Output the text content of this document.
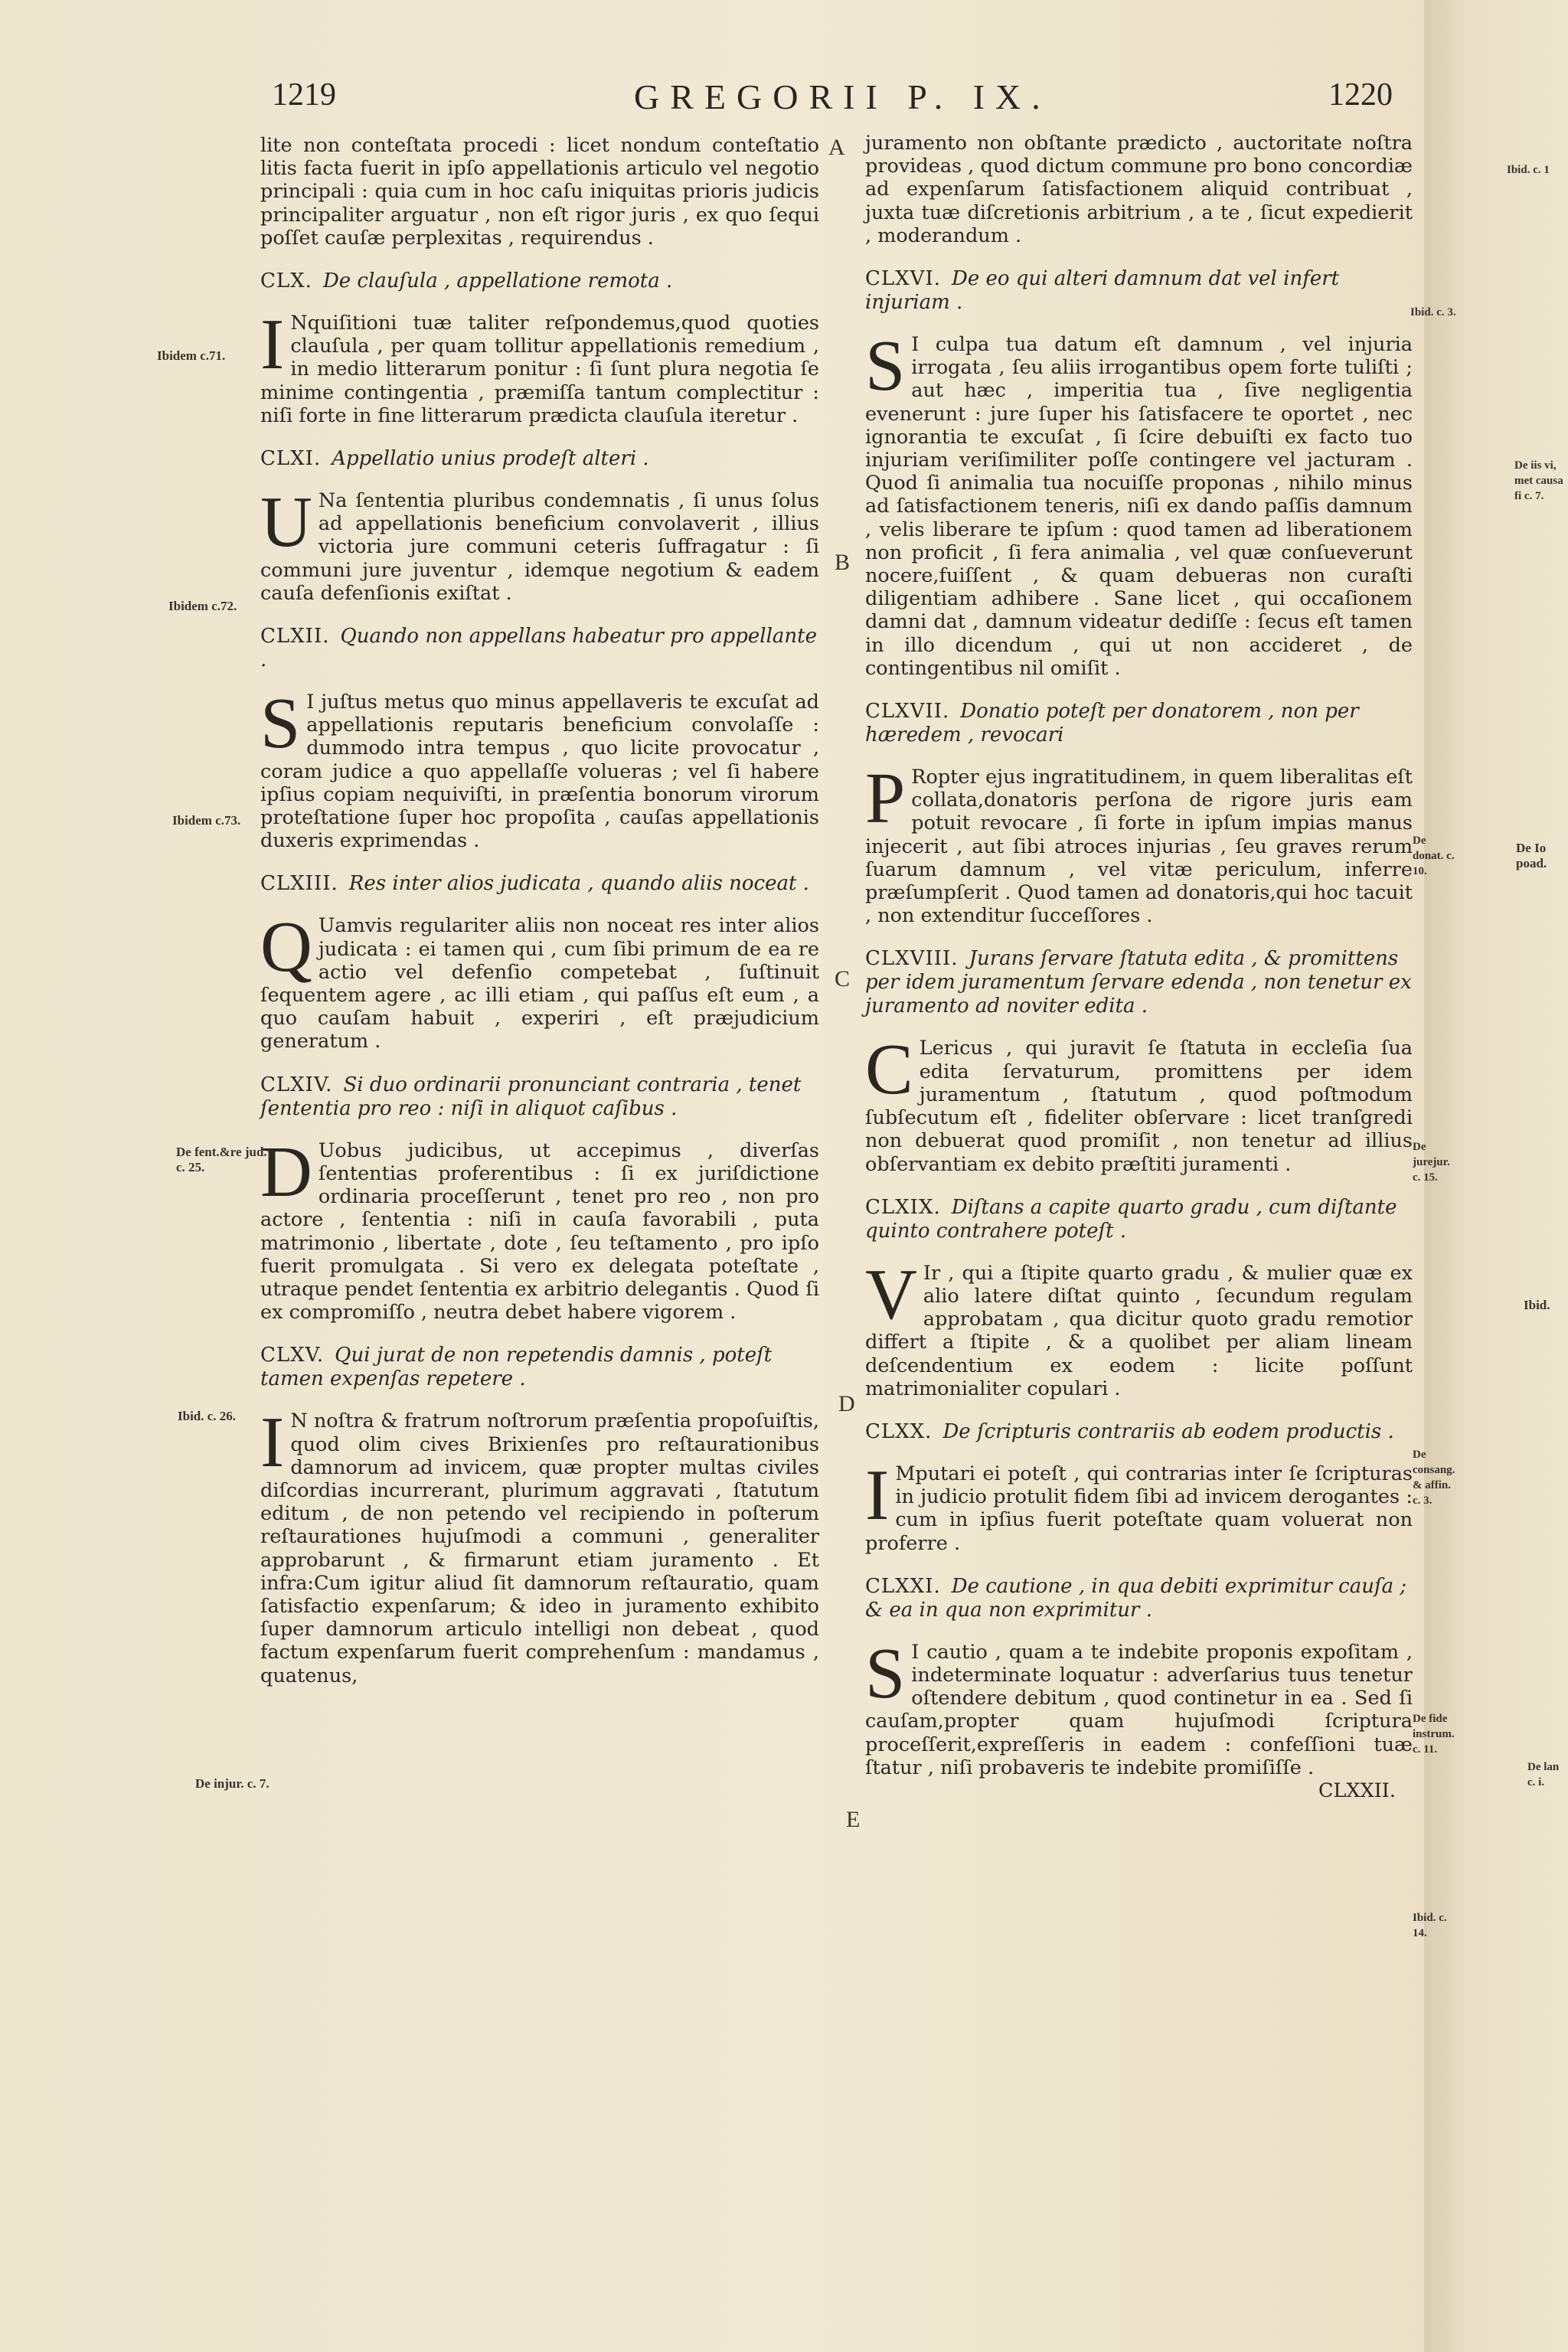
1219	GREGORII P. IX.	1220
lite non conteſtata procedi : licet nondum conteſtatio litis facta fuerit in ipſo appellationis articulo vel negotio principali : quia cum in hoc caſu iniquitas prioris judicis principaliter arguatur , non eſt rigor juris , ex quo ſequi poſſet cauſæ perplexitas , requirendus .
CLX. De clauſula , appellatione remota .
INquiſitioni tuæ taliter reſpondemus,quod quoties clauſula , per quam tollitur appellationis remedium , in medio litterarum ponitur : ſi ſunt plura negotia ſe minime contingentia , præmiſſa tantum complectitur : niſi forte in fine litterarum prædicta clauſula iteretur .
CLXI. Appellatio unius prodeſt alteri .
UNa ſententia pluribus condemnatis , ſi unus ſolus ad appellationis beneficium convolaverit , illius victoria jure communi ceteris ſuffragatur : ſi communi jure juventur , idemque negotium & eadem cauſa defenſionis exiſtat .
CLXII. Quando non appellans habeatur pro appellante .
SI juſtus metus quo minus appellaveris te excuſat ad appellationis reputaris beneficium convolaſſe : dummodo intra tempus , quo licite provocatur , coram judice a quo appellaſſe volueras ; vel ſi habere ipſius copiam nequiviſti, in præſentia bonorum virorum proteſtatione ſuper hoc propoſita , cauſas appellationis duxeris exprimendas .
CLXIII. Res inter alios judicata , quando aliis noceat .
QUamvis regulariter aliis non noceat res inter alios judicata : ei tamen qui , cum ſibi primum de ea re actio vel defenſio competebat , ſuſtinuit ſequentem agere , ac illi etiam , qui paſſus eſt eum , a quo cauſam habuit , experiri , eſt præjudicium generatum .
CLXIV. Si duo ordinarii pronunciant contraria , tenet ſententia pro reo : niſi in aliquot caſibus .
DUobus judicibus, ut accepimus , diverſas ſententias proferentibus : ſi ex juriſdictione ordinaria proceſſerunt , tenet pro reo , non pro actore , ſententia : niſi in cauſa favorabili , puta matrimonio , libertate , dote , ſeu teſtamento , pro ipſo fuerit promulgata . Si vero ex delegata poteſtate , utraque pendet ſententia ex arbitrio delegantis . Quod ſi ex compromiſſo , neutra debet habere vigorem .
CLXV. Qui jurat de non repetendis damnis , poteſt tamen expenſas repetere .
IN noſtra & fratrum noſtrorum præſentia propoſuiſtis, quod olim cives Brixienſes pro reſtaurationibus damnorum ad invicem, quæ propter multas civiles diſcordias incurrerant, plurimum aggravati , ſtatutum editum , de non petendo vel recipiendo in poſterum reſtaurationes hujuſmodi a communi , generaliter approbarunt , & firmarunt etiam juramento . Et infra:Cum igitur aliud ſit damnorum reſtauratio, quam ſatisfactio expenſarum; & ideo in juramento exhibito ſuper damnorum articulo intelligi non debeat , quod factum expenſarum fuerit comprehenſum : mandamus , quatenus,
juramento non obſtante prædicto , auctoritate noſtra provideas , quod dictum commune pro bono concordiæ ad expenſarum ſatisfactionem aliquid contribuat , juxta tuæ diſcretionis arbitrium , a te , ſicut expedierit , moderandum .
CLXVI. De eo qui alteri damnum dat vel infert injuriam .
SI culpa tua datum eſt damnum , vel injuria irrogata , ſeu aliis irrogantibus opem forte tuliſti ; aut hæc , imperitia tua , ſive negligentia evenerunt : jure ſuper his ſatisfacere te oportet , nec ignorantia te excuſat , ſi ſcire debuiſti ex facto tuo injuriam veriſimiliter poſſe contingere vel jacturam . Quod ſi animalia tua nocuiſſe proponas , nihilo minus ad ſatisfactionem teneris, niſi ex dando paſſis damnum , velis liberare te ipſum : quod tamen ad liberationem non proficit , ſi fera animalia , vel quæ conſueverunt nocere,fuiſſent , & quam debueras non curaſti diligentiam adhibere . Sane licet , qui occaſionem damni dat , damnum videatur dediſſe : ſecus eſt tamen in illo dicendum , qui ut non accideret , de contingentibus nil omiſit .
CLXVII. Donatio poteſt per donatorem , non per hæredem , revocari
PRopter ejus ingratitudinem, in quem liberalitas eſt collata,donatoris perſona de rigore juris eam potuit revocare , ſi forte in ipſum impias manus injecerit , aut ſibi atroces injurias , ſeu graves rerum ſuarum damnum , vel vitæ periculum, inferre præſumpſerit . Quod tamen ad donatoris,qui hoc tacuit , non extenditur ſucceſſores .
CLXVIII. Jurans ſervare ſtatuta edita , & promittens per idem juramentum ſervare edenda , non tenetur ex juramento ad noviter edita .
CLericus , qui juravit ſe ſtatuta in eccleſia ſua edita ſervaturum, promittens per idem juramentum , ſtatutum , quod poſtmodum ſubſecutum eſt , fideliter obſervare : licet tranſgredi non debuerat quod promiſit , non tenetur ad illius obſervantiam ex debito præſtiti juramenti .
CLXIX. Diſtans a capite quarto gradu , cum diſtante quinto contrahere poteſt .
VIr , qui a ſtipite quarto gradu , & mulier quæ ex alio latere diſtat quinto , ſecundum regulam approbatam , qua dicitur quoto gradu remotior differt a ſtipite , & a quolibet per aliam lineam deſcendentium ex eodem : licite poſſunt matrimonialiter copulari .
CLXX. De ſcripturis contrariis ab eodem productis .
IMputari ei poteſt , qui contrarias inter ſe ſcripturas in judicio protulit fidem ſibi ad invicem derogantes : cum in ipſius fuerit poteſtate quam voluerat non proferre .
CLXXI. De cautione , in qua debiti exprimitur cauſa ; & ea in qua non exprimitur .
SI cautio , quam a te indebite proponis expoſitam , indeterminate loquatur : adverſarius tuus tenetur oſtendere debitum , quod continetur in ea . Sed ſi cauſam,propter quam hujuſmodi ſcriptura proceſſerit,expreſſeris in eadem : confeſſioni tuæ ſtatur , niſi probaveris te indebite promiſiſſe .
CLXXII.
A
B
C
D
E
Ibidem c.71.
Ibidem c.72.
Ibidem c.73.
De fent.&re jud. c. 25.
Ibid. c. 26.
De injur. c. 7.
Ibid. c. 3.
De donat. c. 10.
De jurejur. c. 15.
De consang. & affin. c. 3.
De fide instrum. c. 11.
Ibid. c. 14.
Ibid. c. 1
De iis vi, met causa fi c. 7.
De Io poad.
Ibid.
De lan c. i.
